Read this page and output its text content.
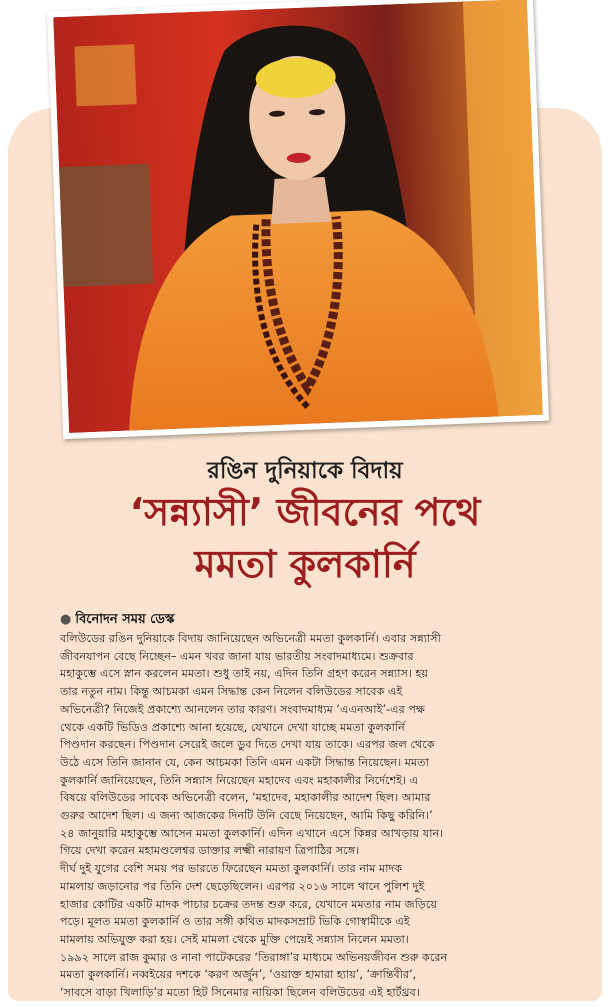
রঙিন দুনিয়াকে বিদায়
‘সন্ন্যাসী’ জীবনের পথে
মমতা কুলকার্নি
● বিনোদন সময় ডেস্ক
বলিউডের রঙিন দুনিয়াকে বিদায় জানিয়েছেন অভিনেত্রী মমতা কুলকার্নি। এবার সন্ন্যাসী
জীবনযাপন বেছে নিচ্ছেন– এমন খবর জানা যায় ভারতীয় সংবাদমাধ্যমে। শুক্রবার
মহাকুম্ভে এসে স্নান করলেন মমতা। শুধু তাই নয়, এদিন তিনি গ্রহণ করেন সন্ন্যাস। হয়
তার নতুন নাম। কিন্তু আচমকা এমন সিদ্ধান্ত কেন নিলেন বলিউডের সাবেক এই
অভিনেত্রী? নিজেই প্রকাশ্যে আনলেন তার কারণ। সংবাদমাধ্যম ‘এএনআই’-এর পক্ষ
থেকে একটি ভিডিও প্রকাশ্যে আনা হয়েছে, যেখানে দেখা যাচ্ছে মমতা কুলকার্নি
পিণ্ডদান করছেন। পিণ্ডদান সেরেই জলে ডুব দিতে দেখা যায় তাকে। এরপর জল থেকে
উঠে এসে তিনি জানান যে, কেন আচমকা তিনি এমন একটা সিদ্ধান্ত নিয়েছেন। মমতা
কুলকার্নি জানিয়েছেন, তিনি সন্ন্যাস নিয়েছেন মহাদেব এবং মহাকালীর নির্দেশেই। এ
বিষয়ে বলিউডের সাবেক অভিনেত্রী বলেন, ‘মহাদেব, মহাকালীর আদেশ ছিল। আমার
গুরুর আদেশ ছিল। এ জন্য আজকের দিনটি উনি বেছে নিয়েছেন, আমি কিছু করিনি।’
২৪ জানুয়ারি মহাকুম্ভে আসেন মমতা কুলকার্নি। এদিন এখানে এসে কিন্নর আখড়ায় যান।
গিয়ে দেখা করেন মহামণ্ডলেশ্বর ডাক্তার লক্ষ্মী নারায়ণ ত্রিপাঠির সঙ্গে।
দীর্ঘ দুই যুগের বেশি সময় পর ভারতে ফিরেছেন মমতা কুলকার্নি। তার নাম মাদক
মামলায় জড়ানোর পর তিনি দেশ ছেড়েছিলেন। এরপর ২০১৬ সালে থানে পুলিশ দুই
হাজার কোটির একটি মাদক পাচার চক্রের তদন্ত শুরু করে, যেখানে মমতার নাম জড়িয়ে
পড়ে। মূলত মমতা কুলকার্নি ও তার সঙ্গী কথিত মাদকসম্রাট ভিকি গোস্বামীকে এই
মামলায় অভিযুক্ত করা হয়। সেই মামলা থেকে মুক্তি পেয়েই সন্ন্যাস নিলেন মমতা।
১৯৯২ সালে রাজ কুমার ও নানা পাটেকরের ‘তিরাঙ্গা’র মাধ্যমে অভিনয়জীবন শুরু করেন
মমতা কুলকার্নি। নব্বইয়ের দশকে ‘করণ অর্জুন’, ‘ওয়াক্ত হামারা হ্যায়’, ‘ক্রান্তিবীর’,
‘সাবসে বাড়া খিলাড়ি’র মতো হিট সিনেমার নায়িকা ছিলেন বলিউডের এই হার্টথ্রব।
